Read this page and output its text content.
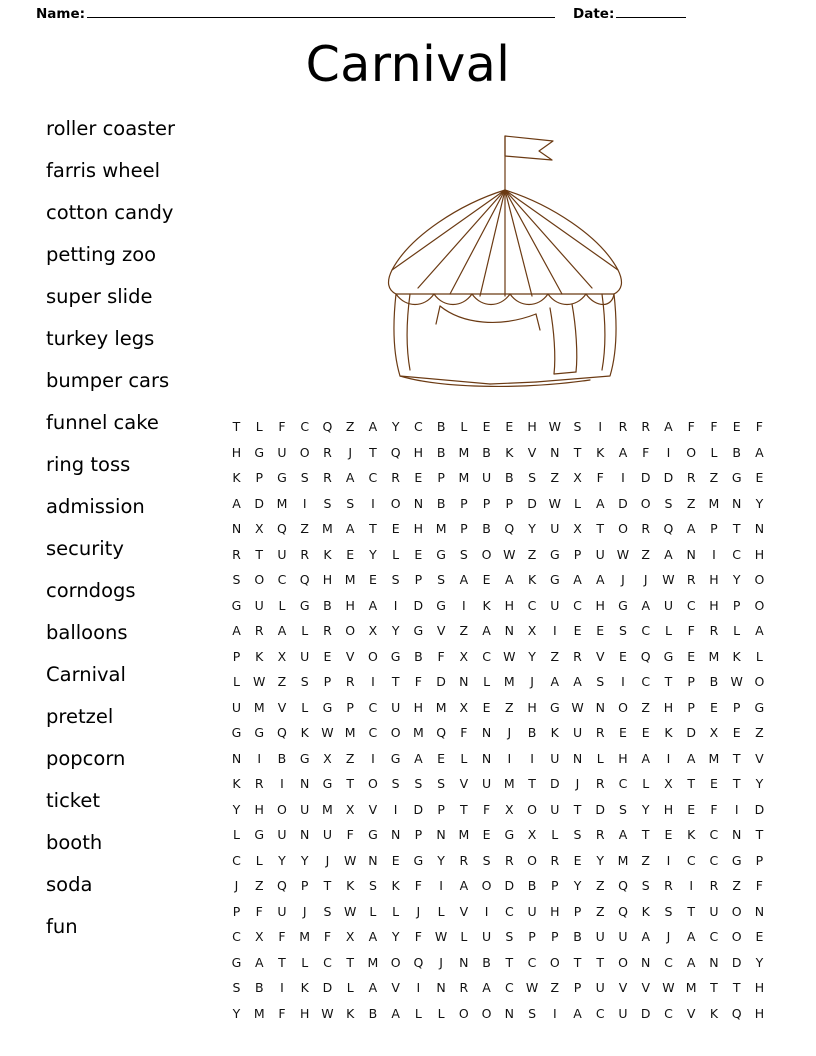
Name:	Date:
Carnival
roller coaster
farris wheel
cotton candy
petting zoo
super slide
turkey legs
bumper cars
funnel cake
ring toss
admission
security
corndogs
balloons
Carnival
pretzel
popcorn
ticket
booth
soda
fun
T	L	F	C	Q	Z	A	Y	C	B	L	E	E	H W	S	I	R	R	A	F	F	E	F
H	G	U	O	R	J	T	Q	H	B	M	B	K	V	N	T	K	A	F	I	O	L	B	A
K	P	G	S	R	A	C	R	E	P	M	U	B	S	Z	X	F	I	D D	R	Z	G	E
A	D M	I	S	S	I	O	N	B	P	P	P	D W	L	A	D O	S	Z	M	N	Y
N	X	Q	Z	M	A	T	E	H	M	P	B	Q	Y	U	X	T	O	R	Q	A	P	T	N
R	T	U	R	K	E	Y	L	E	G	S	O W Z	G	P	U W Z	A	N	I	C	H
S	O	C	Q	H	M	E	S	P	S	A	E	A	K	G	A	A	J	J	W R	H	Y	O
G	U	L	G	B	H	A	I	D G	I	K	H	C	U	C	H	G	A	U	C	H	P	O
A	R	A	L	R	O	X	Y	G	V	Z	A	N	X	I	E	E	S	C	L	F	R	L	A
P	K	X	U	E	V	O G	B	F	X	C W	Y	Z	R	V	E	Q G	E	M	K	L
L	W Z	S	P	R	I	T	F	D	N	L	M	J	A	A	S	I	C	T	P	B W O
U	M	V	L	G	P	C	U	H	M	X	E	Z	H	G W N	O	Z	H	P	E	P	G
G G Q	K W M	C	O M Q	F	N	J	B	K	U	R	E	E	K	D	X	E	Z
N	I	B	G	X	Z	I	G	A	E	L	N	I	I	U	N	L	H	A	I	A	M	T	V
K	R	I	N	G	T	O	S	S	S	V	U	M	T	D	J	R	C	L	X	T	E	T	Y
Y	H	O	U	M	X	V	I	D	P	T	F	X	O	U	T	D	S	Y	H	E	F	I	D
L	G	U	N	U	F	G	N	P	N	M	E	G	X	L	S	R	A	T	E	K	C	N	T
C	L	Y	Y	J	W N	E	G	Y	R	S	R	O	R	E	Y	M	Z	I	C	C	G	P
J	Z	Q	P	T	K	S	K	F	I	A	O D	B	P	Y	Z	Q	S	R	I	R	Z	F
P	F	U	J	S	W	L	L	J	L	V	I	C	U	H	P	Z	Q	K	S	T	U	O	N
C	X	F	M	F	X	A	Y	F	W	L	U	S	P	P	B	U	U	A	J	A	C	O	E
G	A	T	L	C	T	M O Q	J	N	B	T	C	O	T	T	O	N	C	A	N	D	Y
S	B	I	K	D	L	A	V	I	N	R	A	C W Z	P	U	V	V W M	T	T	H
Y	M	F	H W K	B	A	L	L	O O	N	S	I	A	C	U	D	C	V	K	Q	H
